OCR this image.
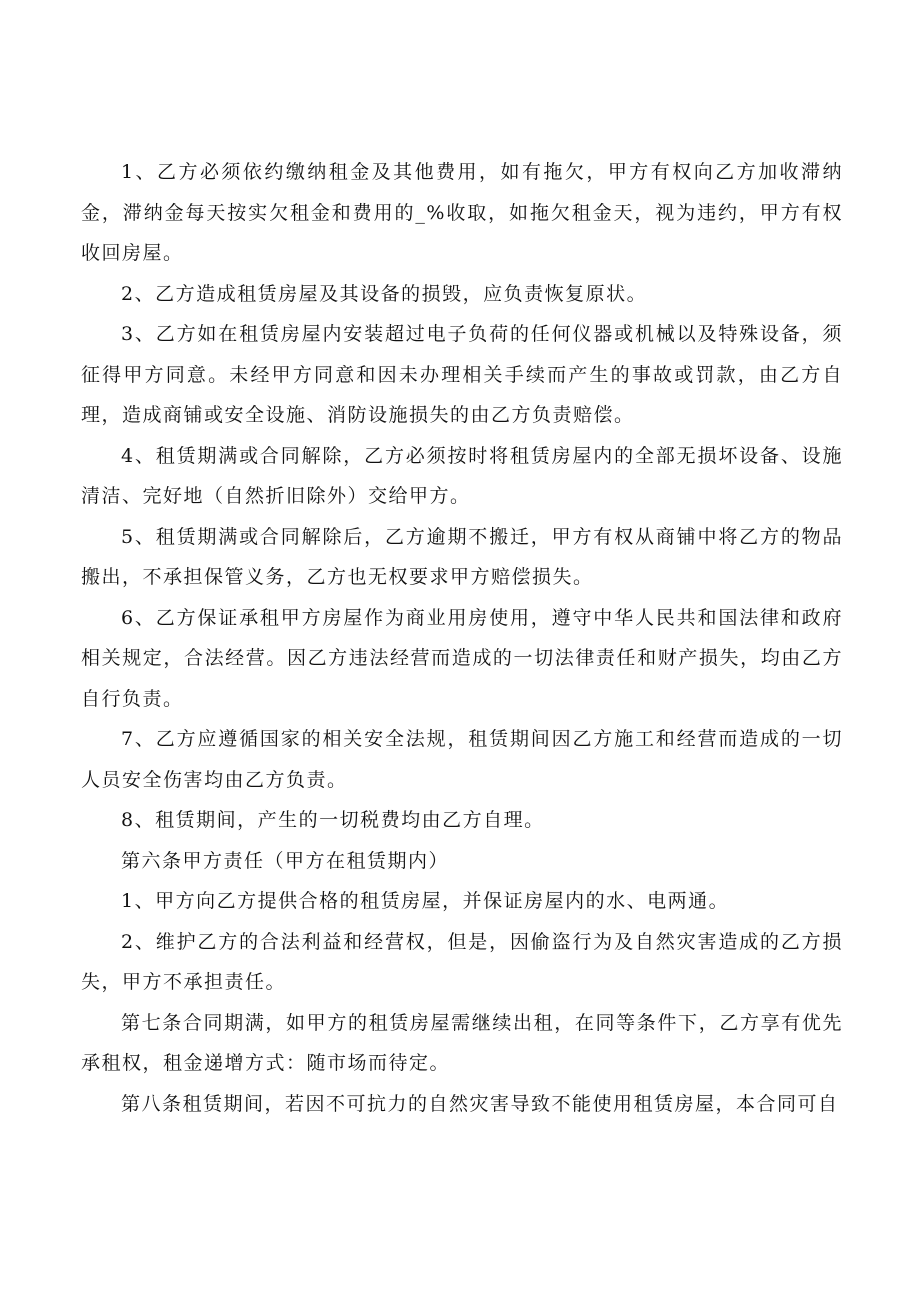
1、乙方必须依约缴纳租金及其他费用，如有拖欠，甲方有权向乙方加收滞纳金，滞纳金每天按实欠租金和费用的_%收取，如拖欠租金天，视为违约，甲方有权收回房屋。

2、乙方造成租赁房屋及其设备的损毁，应负责恢复原状。

3、乙方如在租赁房屋内安装超过电子负荷的任何仪器或机械以及特殊设备，须征得甲方同意。未经甲方同意和因未办理相关手续而产生的事故或罚款，由乙方自理，造成商铺或安全设施、消防设施损失的由乙方负责赔偿。

4、租赁期满或合同解除，乙方必须按时将租赁房屋内的全部无损坏设备、设施清洁、完好地（自然折旧除外）交给甲方。

5、租赁期满或合同解除后，乙方逾期不搬迁，甲方有权从商铺中将乙方的物品搬出，不承担保管义务，乙方也无权要求甲方赔偿损失。

6、乙方保证承租甲方房屋作为商业用房使用，遵守中华人民共和国法律和政府相关规定，合法经营。因乙方违法经营而造成的一切法律责任和财产损失，均由乙方自行负责。

7、乙方应遵循国家的相关安全法规，租赁期间因乙方施工和经营而造成的一切人员安全伤害均由乙方负责。

8、租赁期间，产生的一切税费均由乙方自理。

第六条甲方责任（甲方在租赁期内）

1、甲方向乙方提供合格的租赁房屋，并保证房屋内的水、电两通。

2、维护乙方的合法利益和经营权，但是，因偷盗行为及自然灾害造成的乙方损失，甲方不承担责任。

第七条合同期满，如甲方的租赁房屋需继续出租，在同等条件下，乙方享有优先承租权，租金递增方式：随市场而待定。

第八条租赁期间，若因不可抗力的自然灾害导致不能使用租赁房屋，本合同可自
